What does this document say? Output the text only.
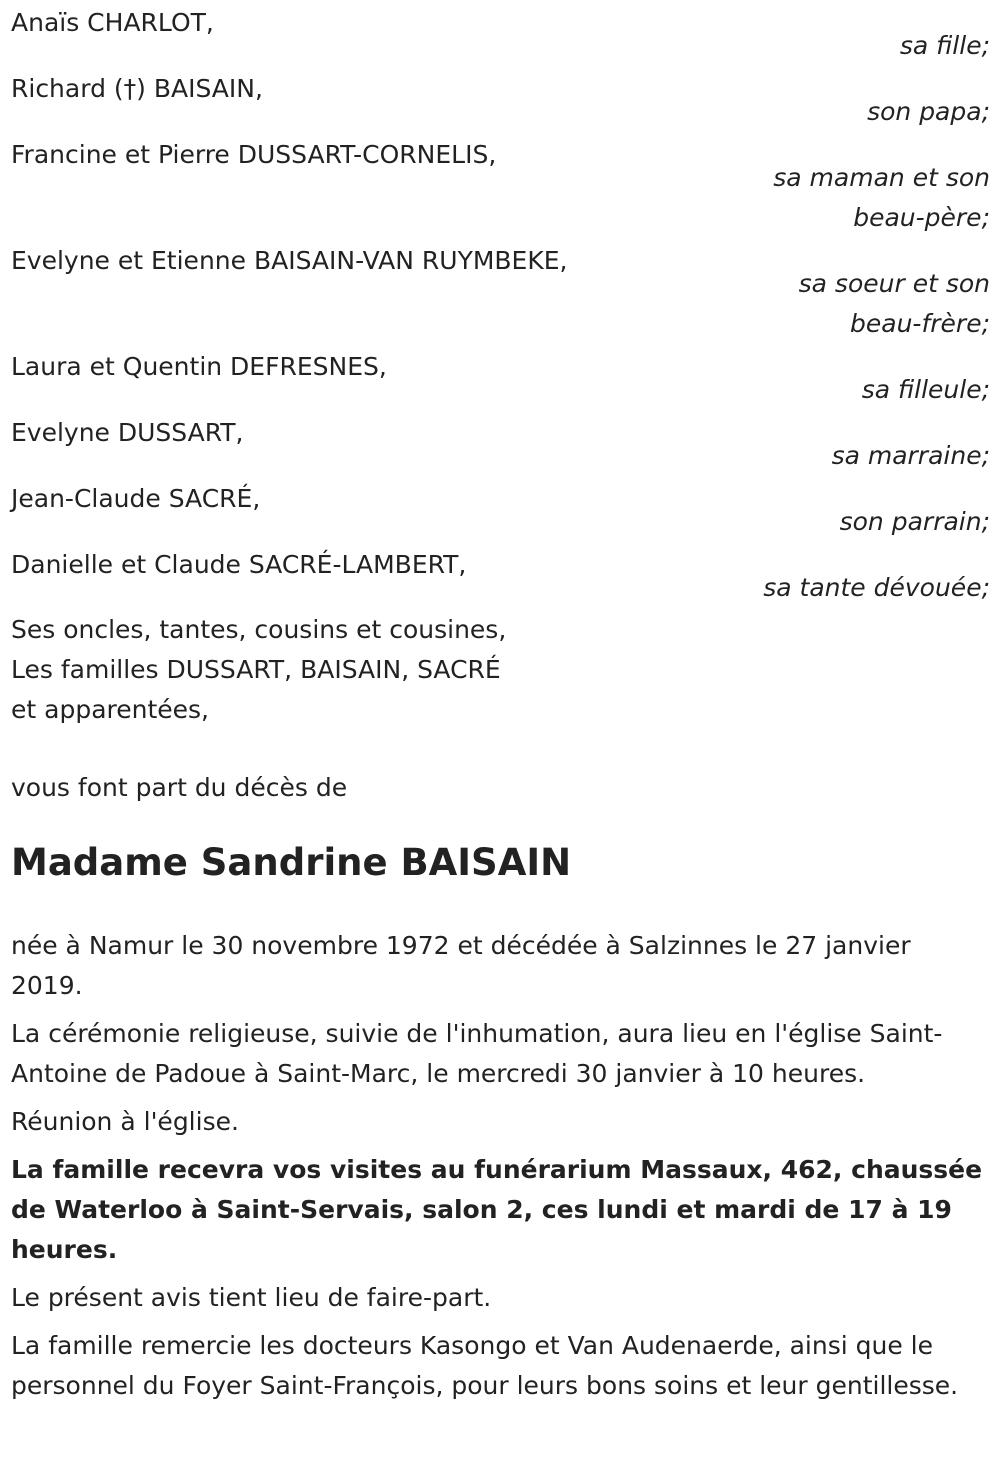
Anaïs CHARLOT,
sa fille;
Richard (†) BAISAIN,
son papa;
Francine et Pierre DUSSART-CORNELIS,
sa maman et son beau-père;
Evelyne et Etienne BAISAIN-VAN RUYMBEKE,
sa soeur et son beau-frère;
Laura et Quentin DEFRESNES,
sa filleule;
Evelyne DUSSART,
sa marraine;
Jean-Claude SACRÉ,
son parrain;
Danielle et Claude SACRÉ-LAMBERT,
sa tante dévouée;
Ses oncles, tantes, cousins et cousines,
Les familles DUSSART, BAISAIN, SACRÉ
et apparentées,
vous font part du décès de
Madame Sandrine BAISAIN

née à Namur le 30 novembre 1972 et décédée à Salzinnes le 27 janvier 2019.

La cérémonie religieuse, suivie de l'inhumation, aura lieu en l'église Saint-Antoine de Padoue à Saint-Marc, le mercredi 30 janvier à 10 heures.

Réunion à l'église.

La famille recevra vos visites au funérarium Massaux, 462, chaussée de Waterloo à Saint-Servais, salon 2, ces lundi et mardi de 17 à 19 heures.

Le présent avis tient lieu de faire-part.

La famille remercie les docteurs Kasongo et Van Audenaerde, ainsi que le personnel du Foyer Saint-François, pour leurs bons soins et leur gentillesse.
